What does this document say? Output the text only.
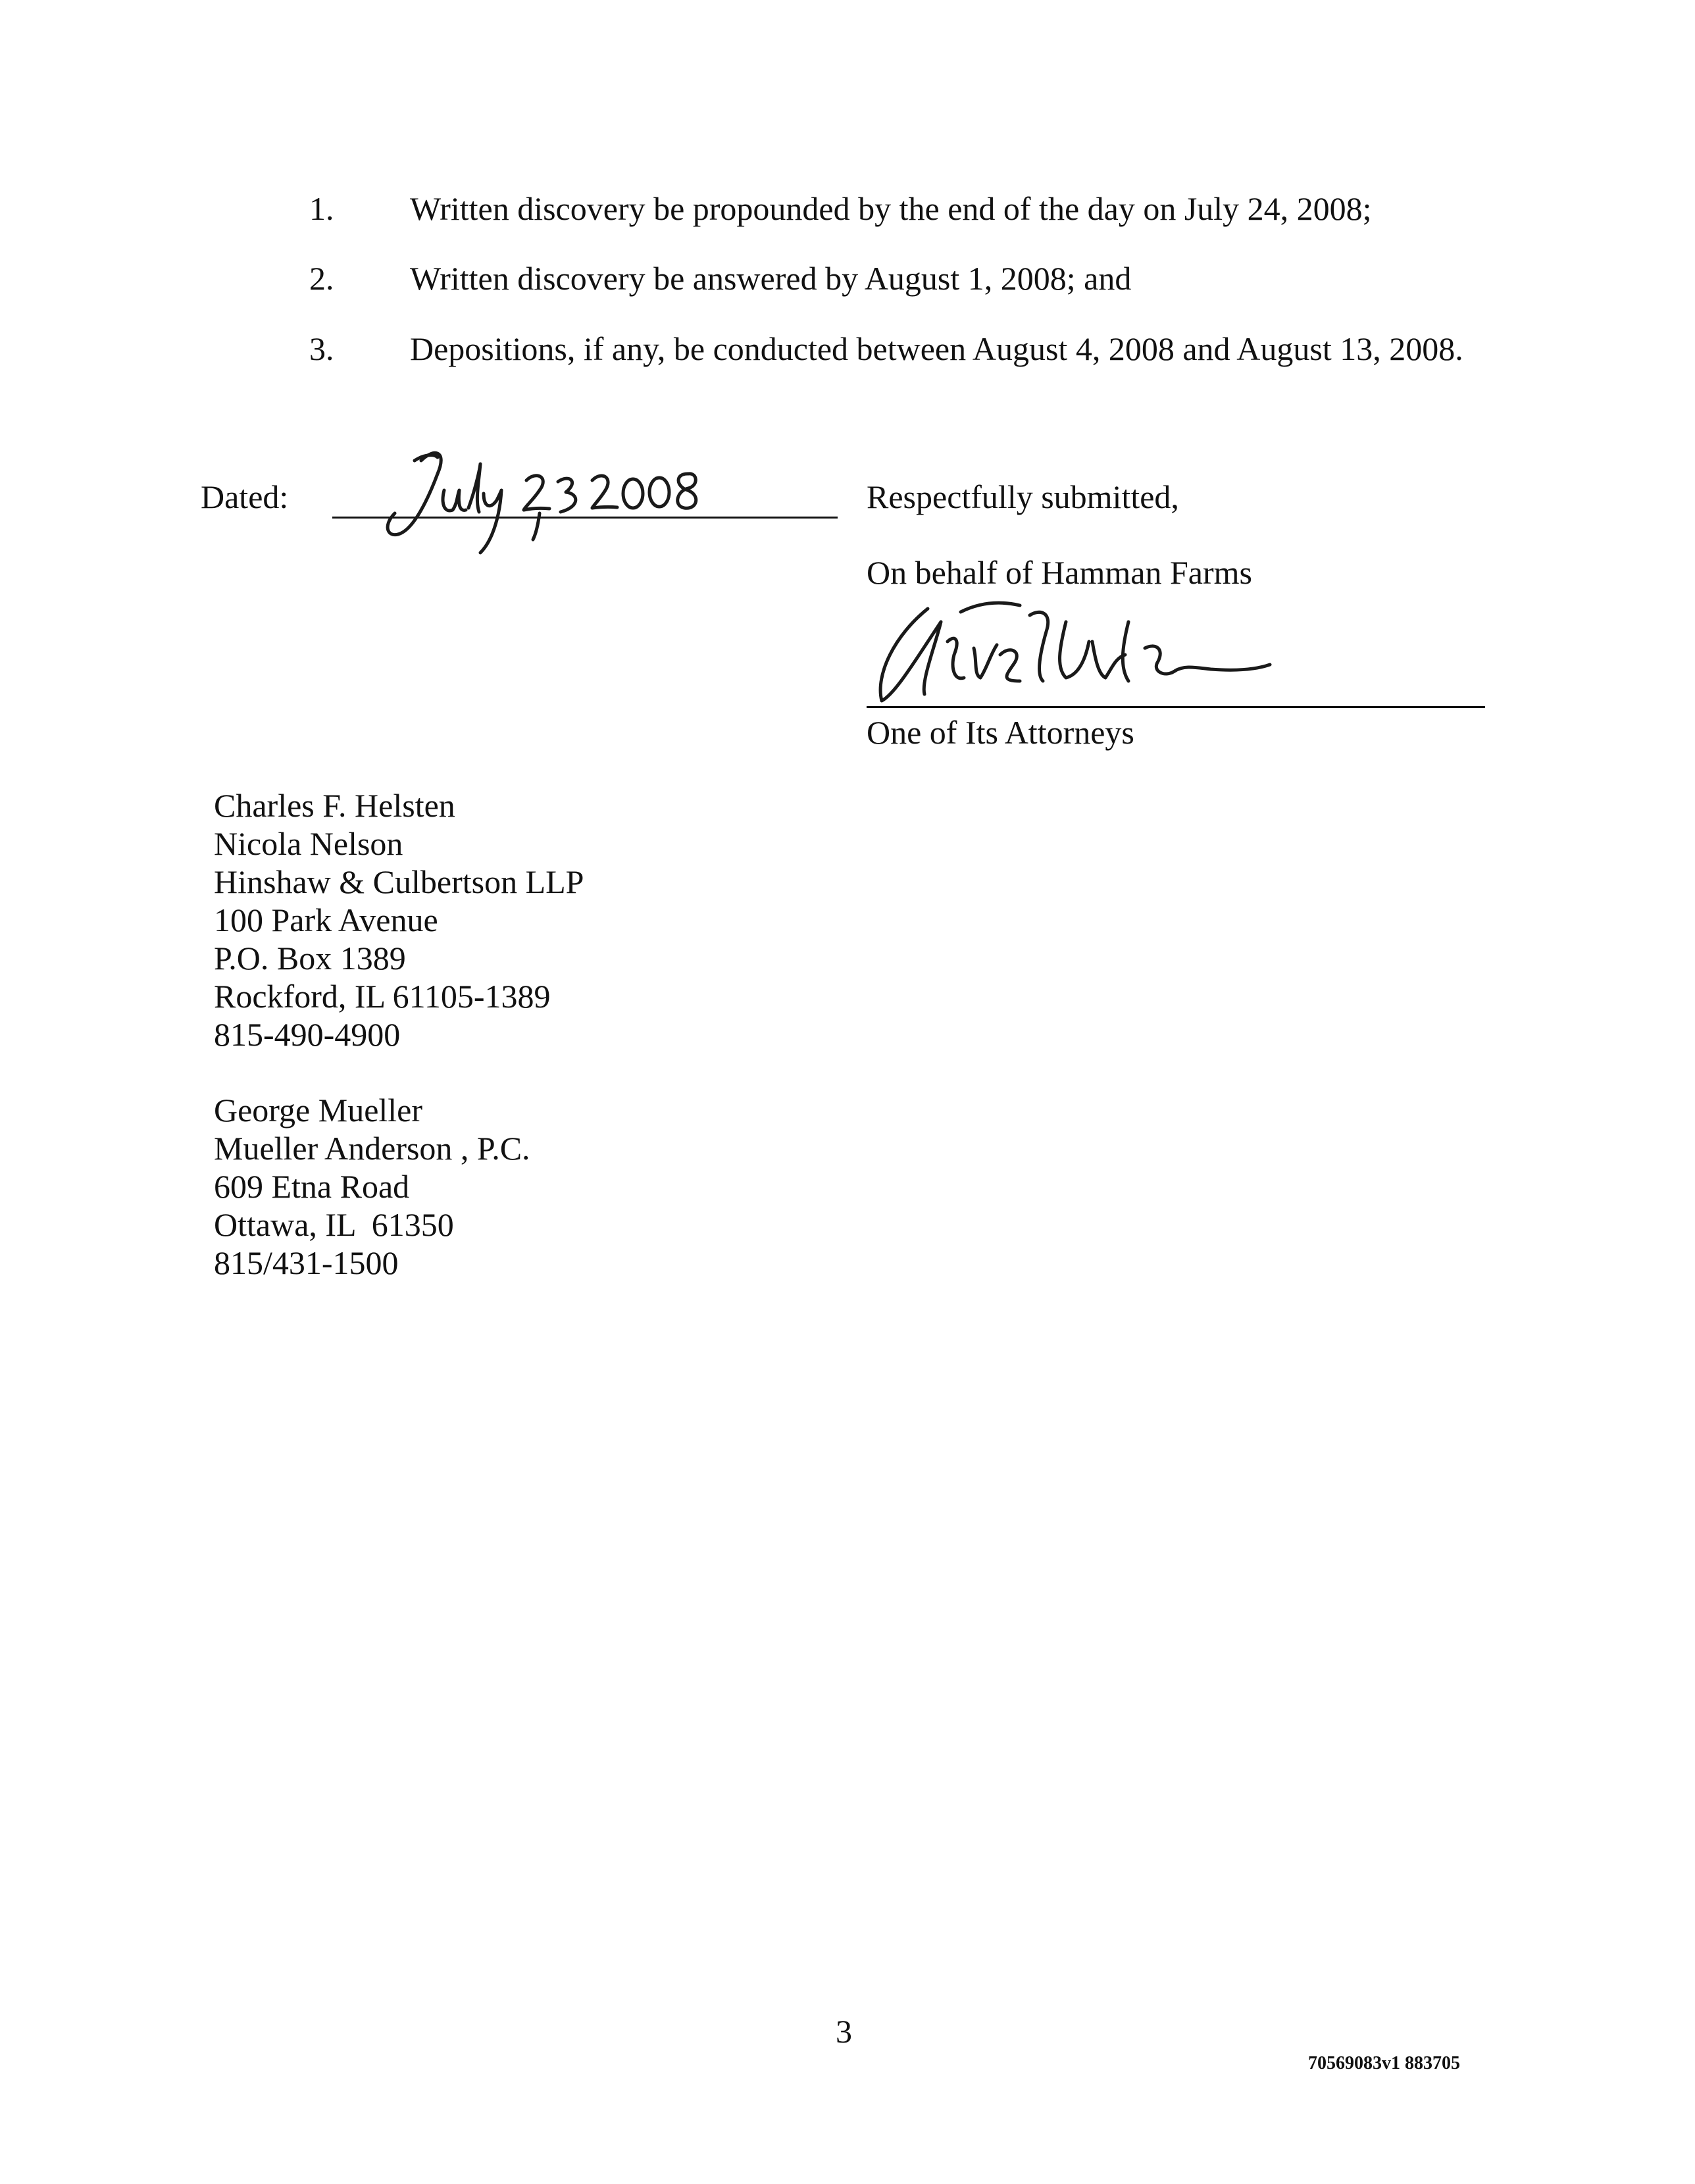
1. Written discovery be propounded by the end of the day on July 24, 2008;
2. Written discovery be answered by August 1, 2008; and
3. Depositions, if any, be conducted between August 4, 2008 and August 13, 2008.
Dated:	Respectfully submitted,
On behalf of Hamman Farms
One of Its Attorneys
Charles F. Helsten
Nicola Nelson
Hinshaw & Culbertson LLP
100 Park Avenue
P.O. Box 1389
Rockford, IL 61105-1389
815-490-4900
George Mueller
Mueller Anderson , P.C.
609 Etna Road
Ottawa, IL  61350
815/431-1500
3
70569083v1 883705
